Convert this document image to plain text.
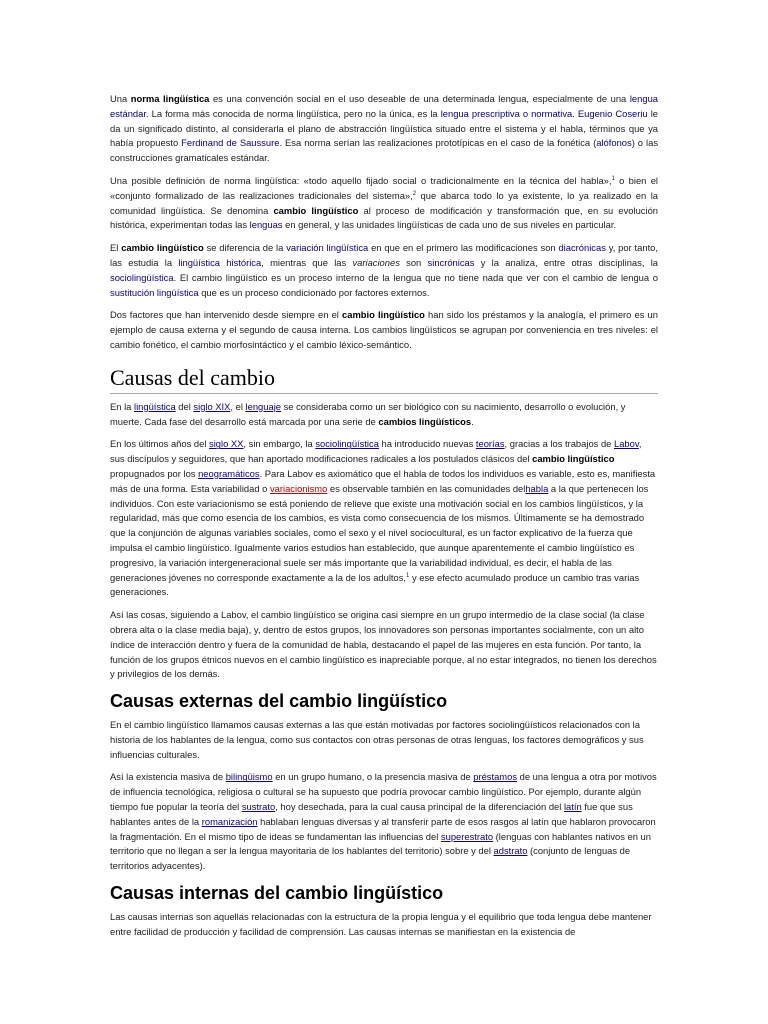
Una norma lingüística es una convención social en el uso deseable de una determinada lengua, especialmente de una lengua estándar. La forma más conocida de norma lingüística, pero no la única, es la lengua prescriptiva o normativa. Eugenio Coseriu le da un significado distinto, al considerarla el plano de abstracción lingüística situado entre el sistema y el habla, términos que ya había propuesto Ferdinand de Saussure. Esa norma serían las realizaciones prototípicas en el caso de la fonética (alófonos) o las construcciones gramaticales estándar.

Una posible definición de norma lingüística: «todo aquello fijado social o tradicionalmente en la técnica del habla»,$^1$ o bien el «conjunto formalizado de las realizaciones tradicionales del sistema»,$^2$ que abarca todo lo ya existente, lo ya realizado en la comunidad lingüística. Se denomina cambio lingüístico al proceso de modificación y transformación que, en su evolución histórica, experimentan todas las lenguas en general, y las unidades lingüísticas de cada uno de sus niveles en particular.

El cambio lingüístico se diferencia de la variación lingüística en que en el primero las modificaciones son diacrónicas y, por tanto, las estudia la lingüística histórica, mientras que las variaciones son sincrónicas y la analiza, entre otras disciplinas, la sociolingüística. El cambio lingüístico es un proceso interno de la lengua que no tiene nada que ver con el cambio de lengua o sustitución lingüística que es un proceso condicionado por factores externos.

Dos factores que han intervenido desde siempre en el cambio lingüístico han sido los préstamos y la analogía, el primero es un ejemplo de causa externa y el segundo de causa interna. Los cambios lingüísticos se agrupan por conveniencia en tres niveles: el cambio fonético, el cambio morfosintáctico y el cambio léxico-semántico.

Causas del cambio

En la lingüística del siglo XIX, el lenguaje se consideraba como un ser biológico con su nacimiento, desarrollo o evolución, y muerte. Cada fase del desarrollo está marcada por una serie de cambios lingüísticos.

En los últimos años del siglo XX, sin embargo, la sociolingüística ha introducido nuevas teorías, gracias a los trabajos de Labov, sus discípulos y seguidores, que han aportado modificaciones radicales a los postulados clásicos del cambio lingüístico propugnados por los neogramáticos. Para Labov es axiomático que el habla de todos los individuos es variable, esto es, manifiesta más de una forma. Esta variabilidad o variacionismo es observable también en las comunidades delhabla a la que pertenecen los individuos. Con este variacionismo se está poniendo de relieve que existe una motivación social en los cambios lingüísticos, y la regularidad, más que como esencia de los cambios, es vista como consecuencia de los mismos. Últimamente se ha demostrado que la conjunción de algunas variables sociales, como el sexo y el nivel sociocultural, es un factor explicativo de la fuerza que impulsa el cambio lingüístico. Igualmente varios estudios han establecido, que aunque aparentemente el cambio lingüístico es progresivo, la variación intergeneracional suele ser más importante que la variabilidad individual, es decir, el habla de las generaciones jóvenes no corresponde exactamente a la de los adultos,$^1$ y ese efecto acumulado produce un cambio tras varias generaciones.

Así las cosas, siguiendo a Labov, el cambio lingüístico se origina casi siempre en un grupo intermedio de la clase social (la clase obrera alta o la clase media baja), y, dentro de estos grupos, los innovadores son personas importantes socialmente, con un alto índice de interacción dentro y fuera de la comunidad de habla, destacando el papel de las mujeres en esta función. Por tanto, la función de los grupos étnicos nuevos en el cambio lingüístico es inapreciable porque, al no estar integrados, no tienen los derechos y privilegios de los demás.

Causas externas del cambio lingüístico

En el cambio lingüístico llamamos causas externas a las que están motivadas por factores sociolingüísticos relacionados con la historia de los hablantes de la lengua, como sus contactos con otras personas de otras lenguas, los factores demográficos y sus influencias culturales.

Así la existencia masiva de bilingüismo en un grupo humano, o la presencia masiva de préstamos de una lengua a otra por motivos de influencia tecnológica, religiosa o cultural se ha supuesto que podría provocar cambio lingüístico. Por ejemplo, durante algún tiempo fue popular la teoría del sustrato, hoy desechada, para la cual causa principal de la diferenciación del latín fue que sus hablantes antes de la romanización hablaban lenguas diversas y al transferir parte de esos rasgos al latín que hablaron provocaron la fragmentación. En el mismo tipo de ideas se fundamentan las influencias del superestrato (lenguas con hablantes nativos en un territorio que no llegan a ser la lengua mayoritaria de los hablantes del territorio) sobre y del adstrato (conjunto de lenguas de territorios adyacentes).

Causas internas del cambio lingüístico

Las causas internas son aquellas relacionadas con la estructura de la propia lengua y el equilibrio que toda lengua debe mantener entre facilidad de producción y facilidad de comprensión. Las causas internas se manifiestan en la existencia de
